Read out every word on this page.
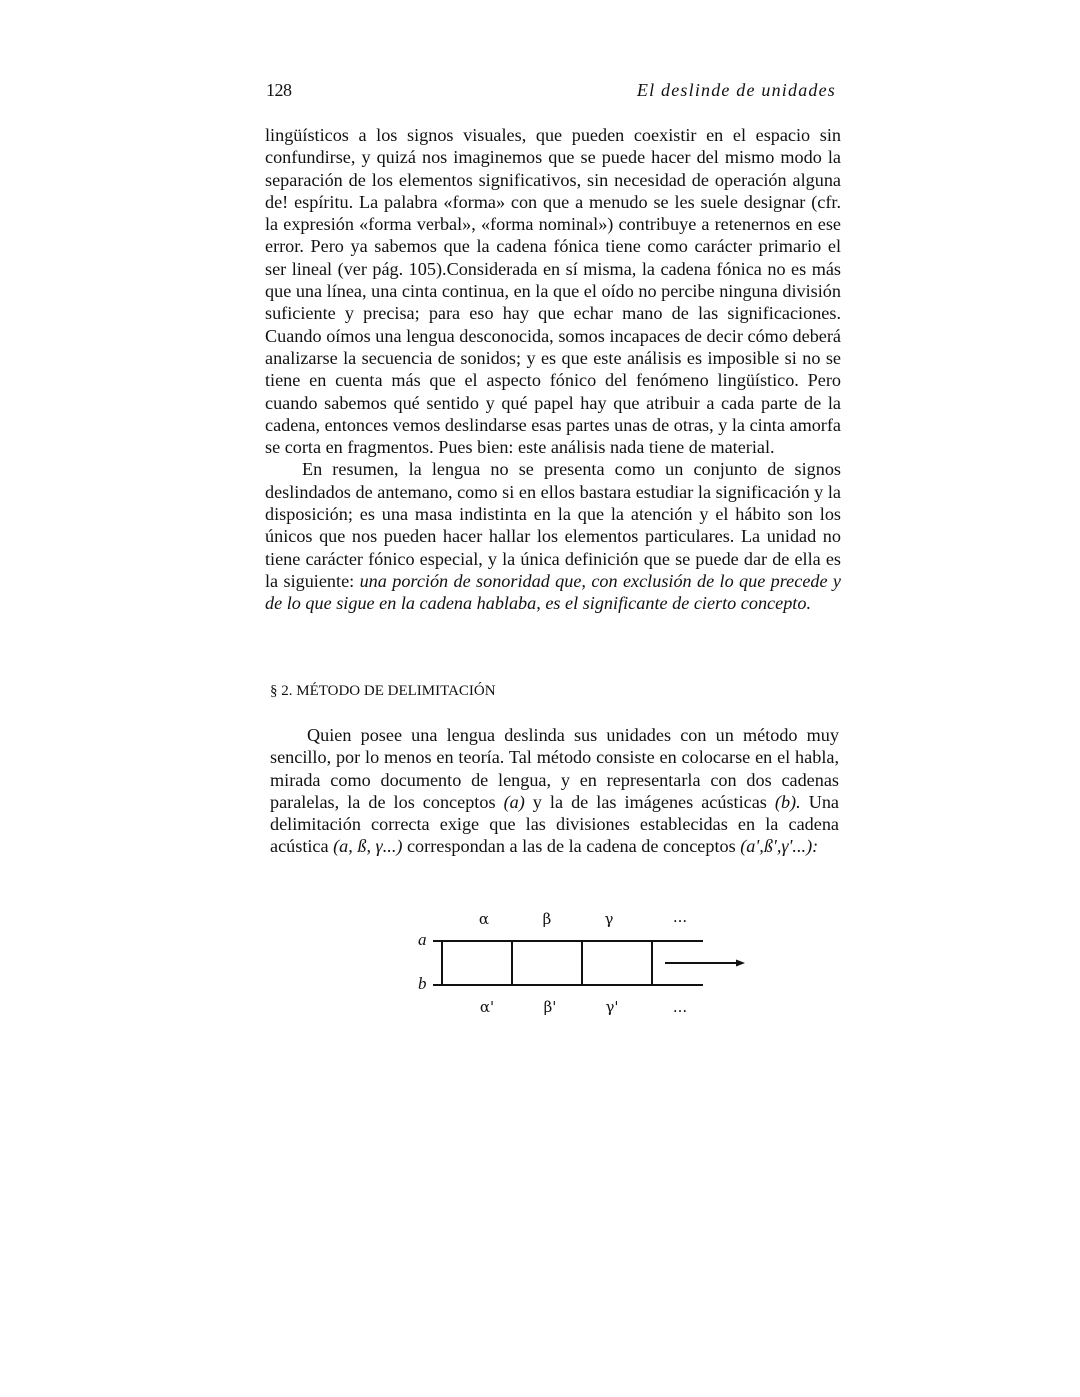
128	El deslinde de unidades

lingüísticos a los signos visuales, que pueden coexistir en el espacio sin confundirse, y quizá nos imaginemos que se puede hacer del mismo modo la separación de los elementos significativos, sin necesidad de operación alguna de! espíritu. La palabra «forma» con que a menudo se les suele designar (cfr. la expresión «forma verbal», «forma nominal») contribuye a retenernos en ese error. Pero ya sabemos que la cadena fónica tiene como carácter primario el ser lineal (ver pág. 105).Considerada en sí misma, la cadena fónica no es más que una línea, una cinta continua, en la que el oído no percibe ninguna división suficiente y precisa; para eso hay que echar mano de las significaciones. Cuando oímos una lengua desconocida, somos incapaces de decir cómo deberá analizarse la secuencia de sonidos; y es que este análisis es imposible si no se tiene en cuenta más que el aspecto fónico del fenómeno lingüístico. Pero cuando sabemos qué sentido y qué papel hay que atribuir a cada parte de la cadena, entonces vemos deslindarse esas partes unas de otras, y la cinta amorfa se corta en fragmentos. Pues bien: este análisis nada tiene de material.

En resumen, la lengua no se presenta como un conjunto de signos deslindados de antemano, como si en ellos bastara estudiar la significación y la disposición; es una masa indistinta en la que la atención y el hábito son los únicos que nos pueden hacer hallar los elementos particulares. La unidad no tiene carácter fónico especial, y la única definición que se puede dar de ella es la siguiente: una porción de sonoridad que, con exclusión de lo que precede y de lo que sigue en la cadena hablaba, es el significante de cierto concepto.

§ 2. MÉTODO DE DELIMITACIÓN

Quien posee una lengua deslinda sus unidades con un método muy sencillo, por lo menos en teoría. Tal método consiste en colocarse en el habla, mirada como documento de lengua, y en representarla con dos cadenas paralelas, la de los conceptos (a) y la de las imágenes acústicas (b). Una delimitación correcta exige que las divisiones establecidas en la cadena acústica (a, ß, γ...) correspondan a las de la cadena de conceptos (a',ß',γ'...):

a
b
α	β	γ	...
α'	β'	γ'	...
